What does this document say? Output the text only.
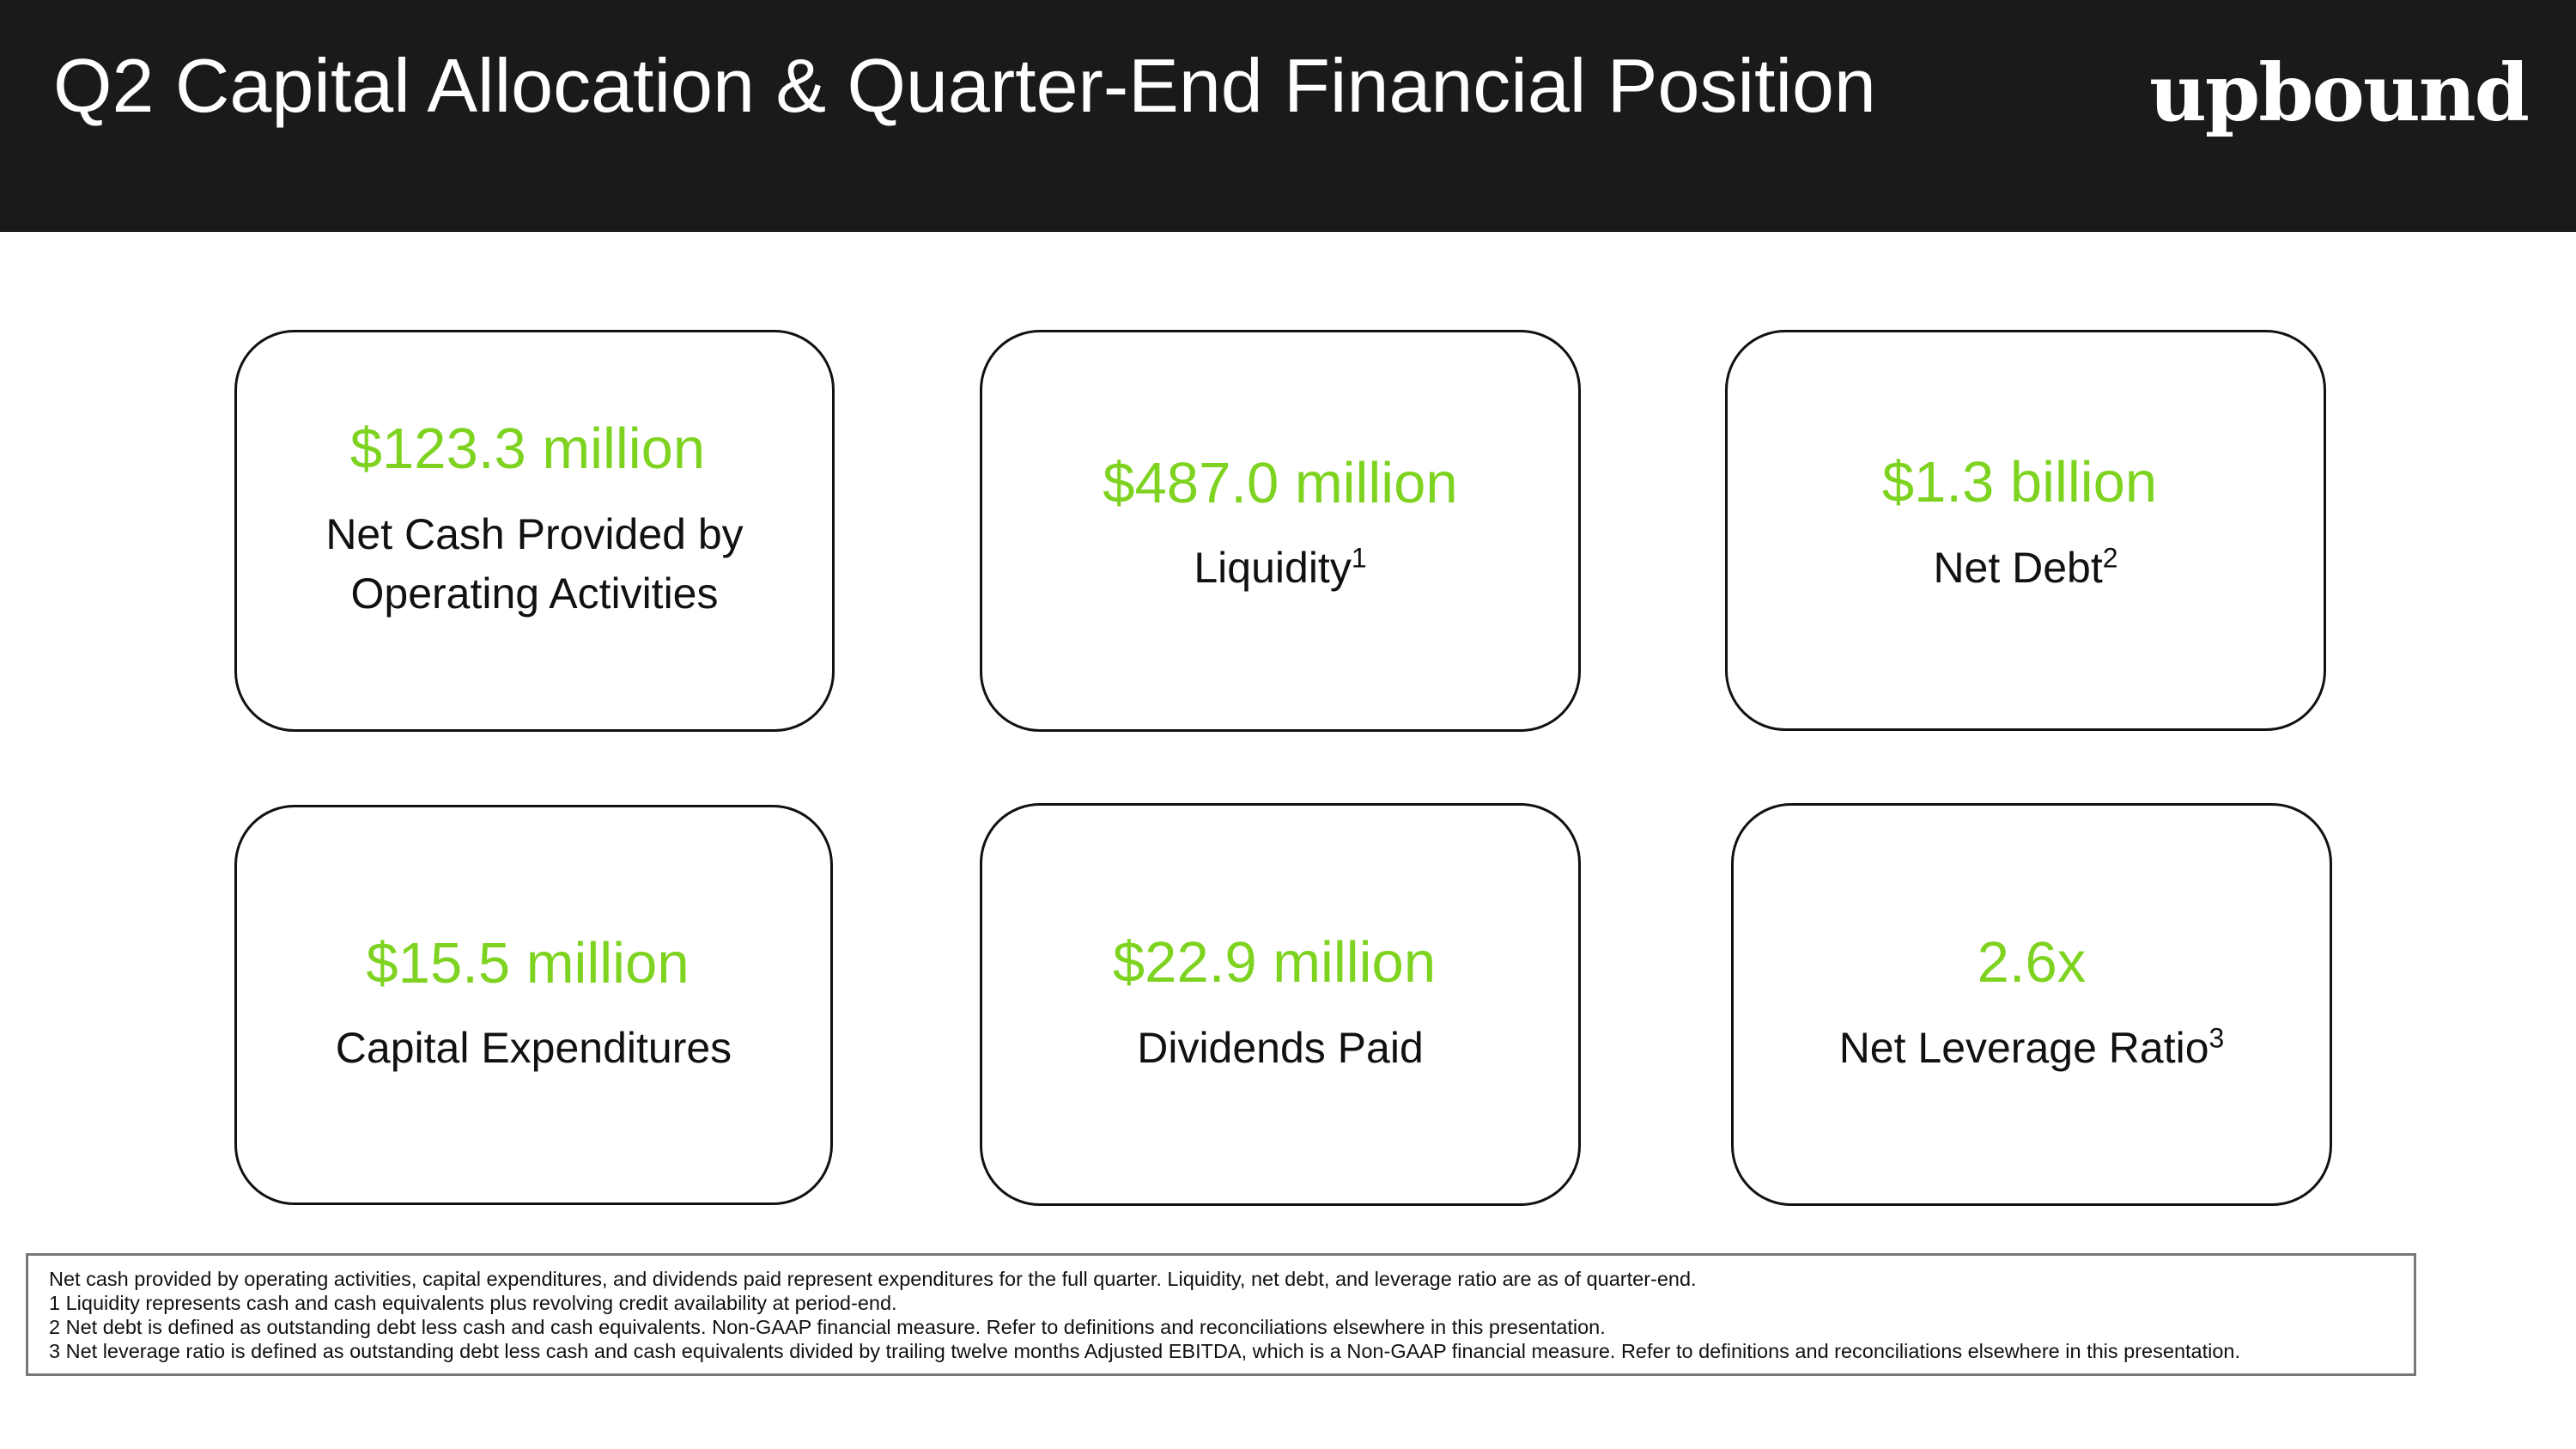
Q2 Capital Allocation & Quarter-End Financial Position	upbound
$123.3 million
Net Cash Provided by
Operating Activities
$487.0 million
Liquidity$^1$
$1.3 billion
Net Debt$^2$
$15.5 million
Capital Expenditures
$22.9 million
Dividends Paid
2.6x
Net Leverage Ratio$^3$
Net cash provided by operating activities, capital expenditures, and dividends paid represent expenditures for the full quarter. Liquidity, net debt, and leverage ratio are as of quarter-end.
1 Liquidity represents cash and cash equivalents plus revolving credit availability at period-end.
2 Net debt is defined as outstanding debt less cash and cash equivalents. Non-GAAP financial measure. Refer to definitions and reconciliations elsewhere in this presentation.
3 Net leverage ratio is defined as outstanding debt less cash and cash equivalents divided by trailing twelve months Adjusted EBITDA, which is a Non-GAAP financial measure. Refer to definitions and reconciliations elsewhere in this presentation.
